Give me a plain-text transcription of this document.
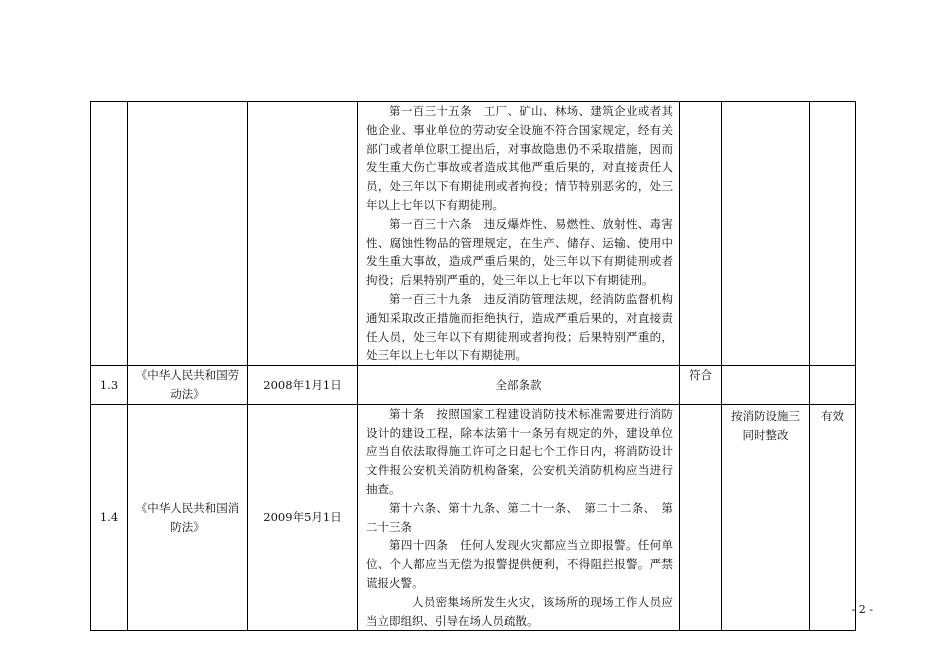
			第一百三十五条　工厂、矿山、林场、建筑企业或者其他企业、事业单位的劳动安全设施不符合国家规定，经有关部门或者单位职工提出后，对事故隐患仍不采取措施，因而发生重大伤亡事故或者造成其他严重后果的，对直接责任人员，处三年以下有期徒刑或者拘役；情节特别恶劣的，处三年以上七年以下有期徒刑。

第一百三十六条　违反爆炸性、易燃性、放射性、毒害性、腐蚀性物品的管理规定，在生产、储存、运输、使用中发生重大事故，造成严重后果的，处三年以下有期徒刑或者拘役；后果特别严重的，处三年以上七年以下有期徒刑。

第一百三十九条　违反消防管理法规，经消防监督机构通知采取改正措施而拒绝执行，造成严重后果的，对直接责任人员，处三年以下有期徒刑或者拘役；后果特别严重的，处三年以上七年以下有期徒刑。			

1.3	《中华人民共和国劳动法》	2008年1月1日	全部条款	符合		
1.4	《中华人民共和国消防法》	2009年5月1日	第十条　按照国家工程建设消防技术标准需要进行消防设计的建设工程，除本法第十一条另有规定的外，建设单位应当自依法取得施工许可之日起七个工作日内，将消防设计文件报公安机关消防机构备案，公安机关消防机构应当进行抽查。

第十六条、第十九条、第二十一条、　第二十二条、　第二十三条

第四十四条　任何人发现火灾都应当立即报警。任何单位、个人都应当无偿为报警提供便利，不得阻拦报警。严禁谎报火警。

人员密集场所发生火灾，该场所的现场工作人员应当立即组织、引导在场人员疏散。		按消防设施三同时整改	有效
- 2 -
